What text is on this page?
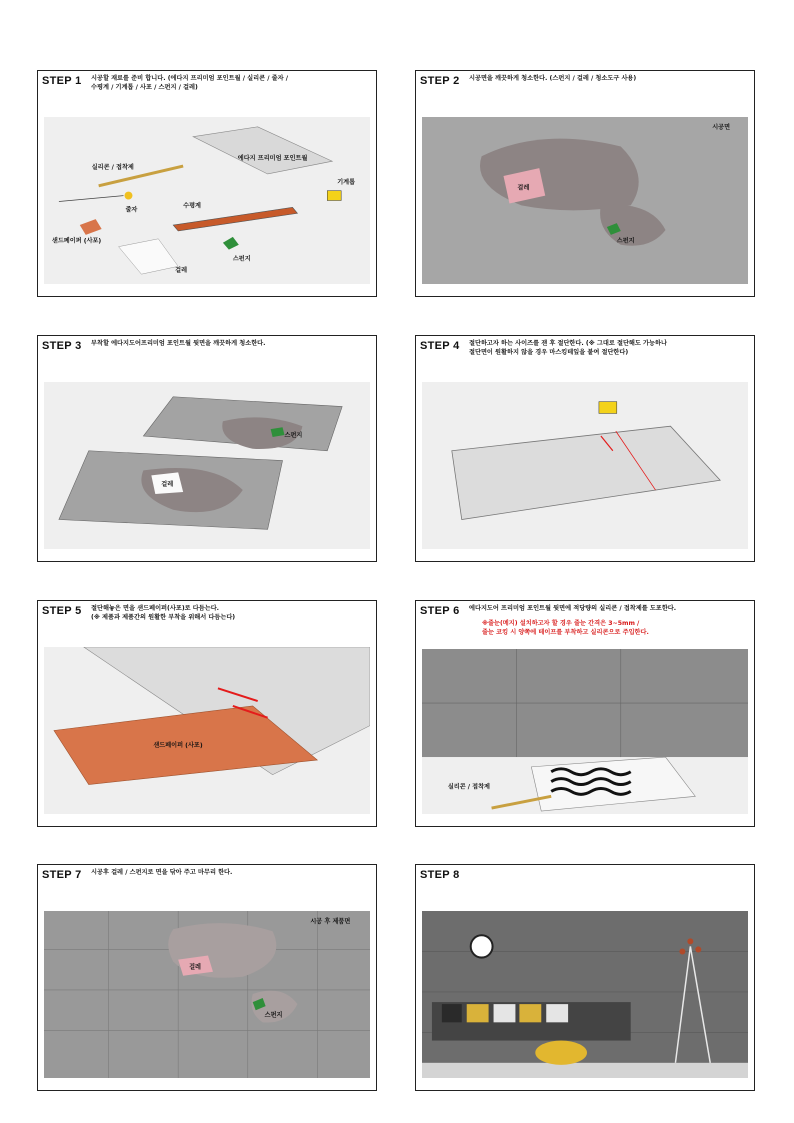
STEP 1 시공할 재료를 준비 합니다. (에다지 프리미엄 포인트월 / 실리콘 / 줄자 /
수평계 / 기계톱 / 사포 / 스펀지 / 걸레)
에다지 프리미엄 포인트월
실리콘 / 접착제
줄자
수평계
기계톱
샌드페이퍼 (사포)
스펀지
걸레
STEP 2 시공면을 깨끗하게 청소한다. (스펀지 / 걸레 / 청소도구 사용)
걸레
스펀지
시공면
STEP 3 부착할 에다지도어프리미엄 포인트월 뒷면을 깨끗하게 청소한다.
스펀지
걸레
STEP 4 절단하고자 하는 사이즈를 잰 후 절단한다. (※ 그대로 절단해도 가능하나
절단면이 원활하지 않을 경우 마스킹테잎을 붙여 절단한다)
STEP 5 절단해놓은 면을 샌드페이퍼(사포)로 다듬는다.
(※ 제품과 제품간의 원활한 부착을 위해서 다듬는다)
샌드페이퍼 (사포)
STEP 6 에다지도어 프리미엄 포인트월 뒷면에 적당량의 실리콘 / 접착제를 도포한다.
※줄눈(메지) 설치하고자 할 경우 줄눈 간격은 3~5mm /
줄눈 코킹 시 양쪽에 테이프를 부착하고 실리콘으로 주입한다.
실리콘 / 접착제
STEP 7 시공후 걸레 / 스펀지로 면을 닦아 주고 마무리 한다.
걸레
스펀지
시공 후 제품면
STEP 8
